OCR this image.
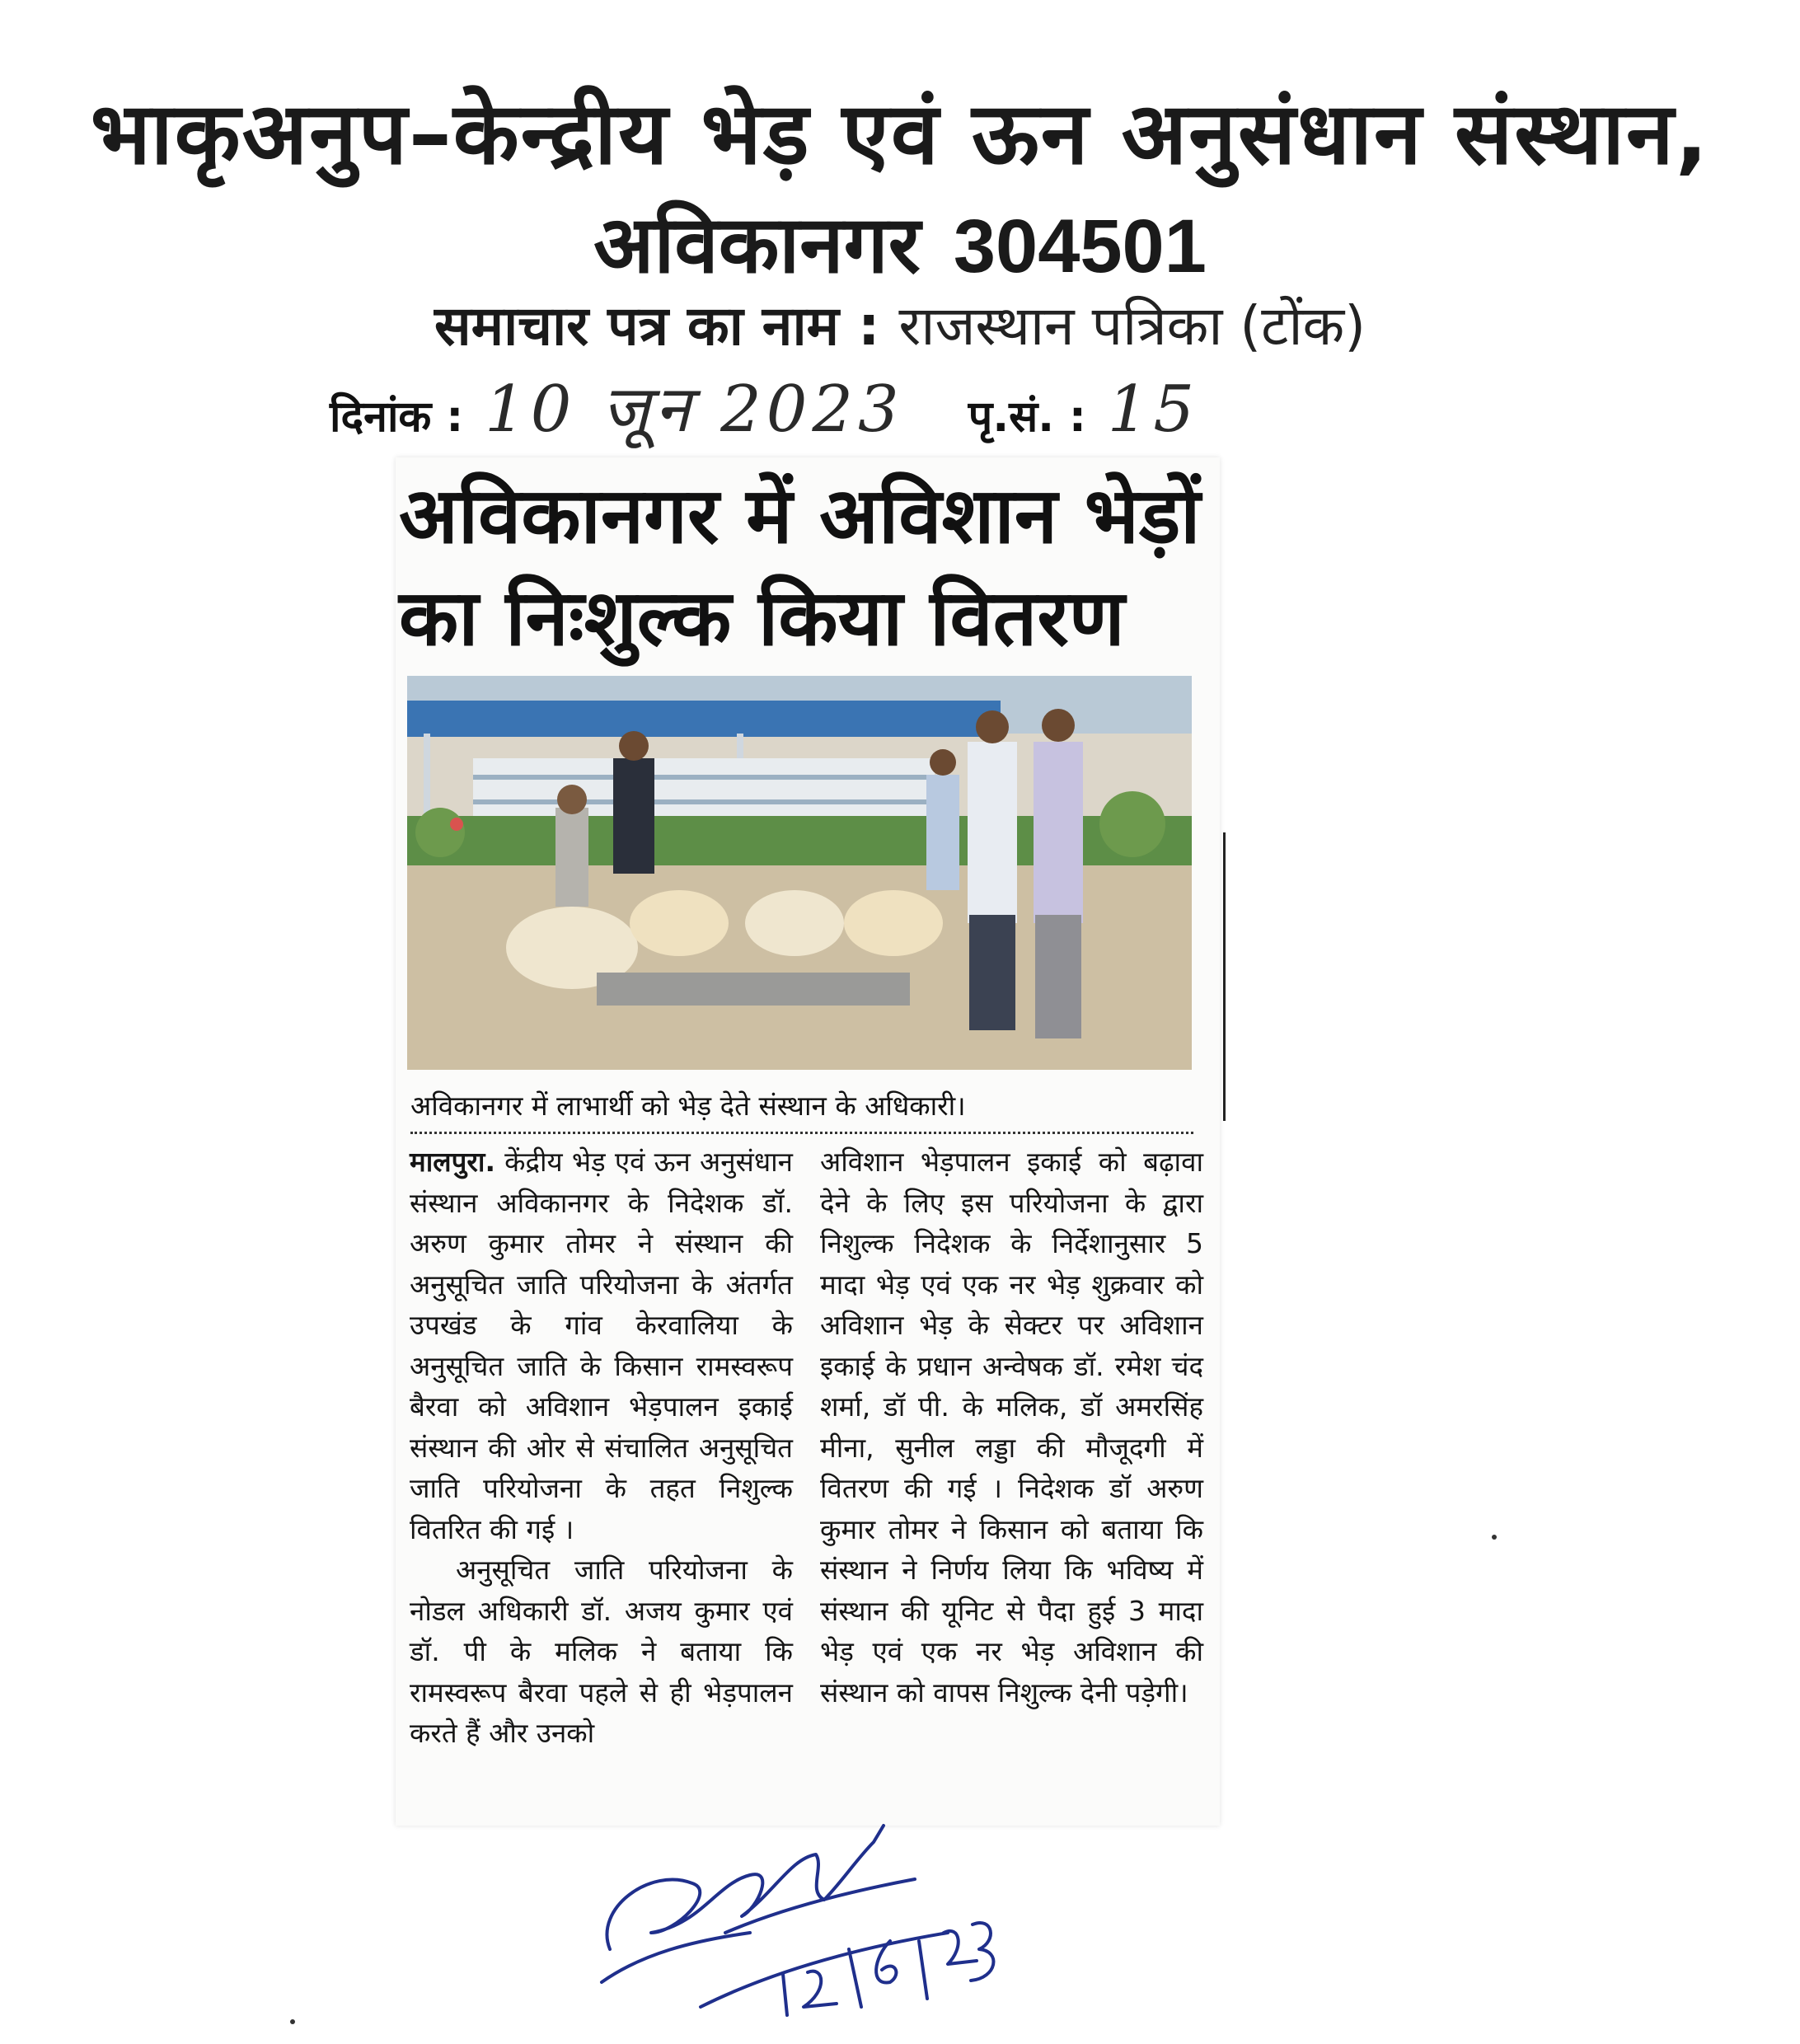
भाकृअनुप–केन्द्रीय भेड़ एवं ऊन अनुसंधान संस्थान,
अविकानगर 304501
समाचार पत्र का नाम : राजस्थान पत्रिका (टोंक)
दिनांक : 10 जून 2023 पृ.सं. : 15
अविकानगर में अविशान भेड़ों
का निःशुल्क किया वितरण
अविकानगर में लाभार्थी को भेड़ देते संस्थान के अधिकारी।

मालपुरा. केंद्रीय भेड़ एवं ऊन अनुसंधान संस्थान अविकानगर के निदेशक डॉ. अरुण कुमार तोमर ने संस्थान की अनुसूचित जाति परियोजना के अंतर्गत उपखंड के गांव केरवालिया के अनुसूचित जाति के किसान रामस्वरूप बैरवा को अविशान भेड़पालन इकाई संस्थान की ओर से संचालित अनुसूचित जाति परियोजना के तहत निशुल्क वितरित की गई ।

अनुसूचित जाति परियोजना के नोडल अधिकारी डॉ. अजय कुमार एवं डॉ. पी के मलिक ने बताया कि रामस्वरूप बैरवा पहले से ही भेड़पालन करते हैं और उनको

अविशान भेड़पालन इकाई को बढ़ावा देने के लिए इस परियोजना के द्वारा निशुल्क निदेशक के निर्देशानुसार 5 मादा भेड़ एवं एक नर भेड़ शुक्रवार को अविशान भेड़ के सेक्टर पर अविशान इकाई के प्रधान अन्वेषक डॉ. रमेश चंद शर्मा, डॉ पी. के मलिक, डॉ अमरसिंह मीना, सुनील लड्डा की मौजूदगी में वितरण की गई । निदेशक डॉ अरुण कुमार तोमर ने किसान को बताया कि संस्थान ने निर्णय लिया कि भविष्य में संस्थान की यूनिट से पैदा हुई 3 मादा भेड़ एवं एक नर भेड़ अविशान की संस्थान को वापस निशुल्क देनी पड़ेगी।
